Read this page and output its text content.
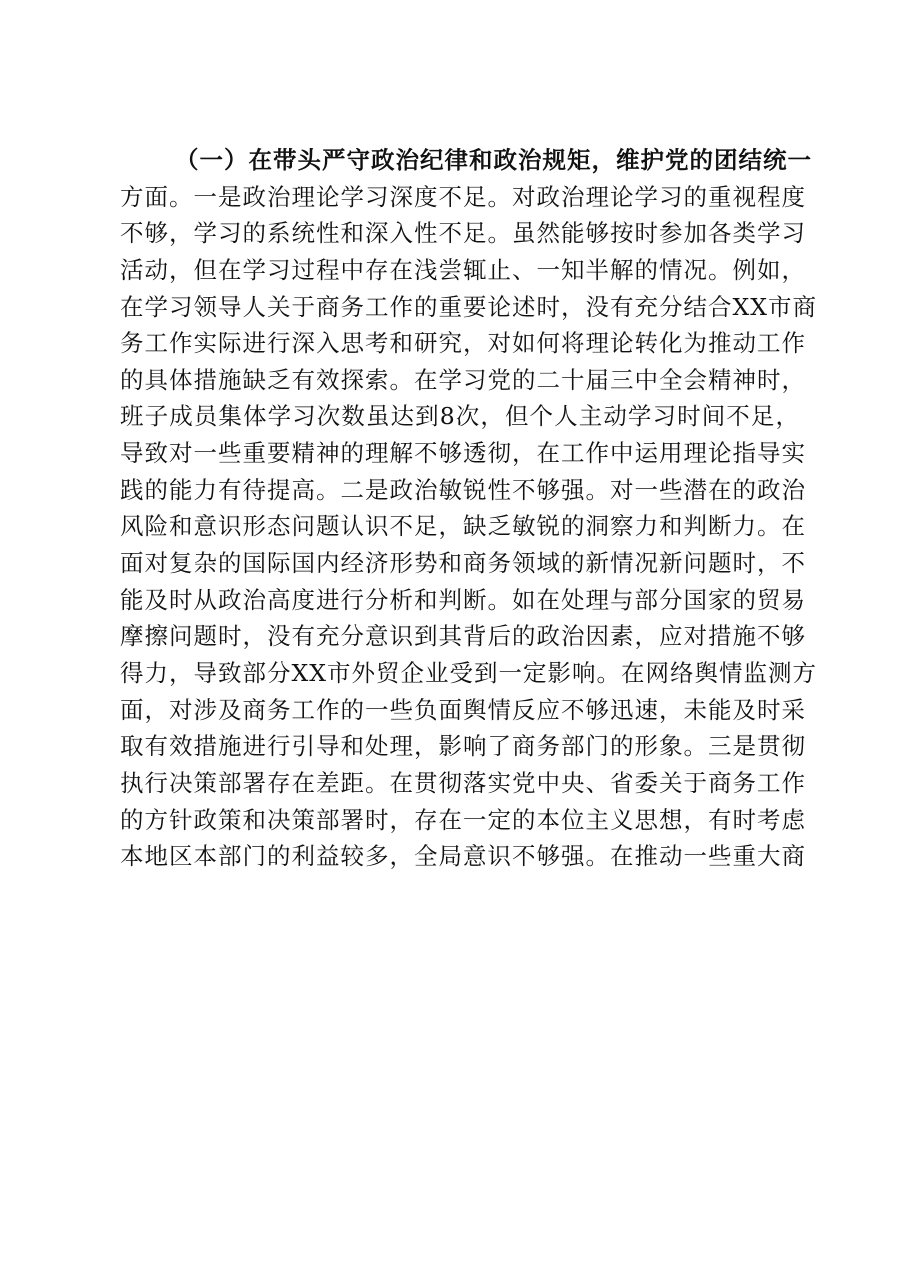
（一）在带头严守政治纪律和政治规矩，维护党的团结统一
方面。一是政治理论学习深度不足。对政治理论学习的重视程度
不够，学习的系统性和深入性不足。虽然能够按时参加各类学习
活动，但在学习过程中存在浅尝辄止、一知半解的情况。例如，
在学习领导人关于商务工作的重要论述时，没有充分结合XX市商
务工作实际进行深入思考和研究，对如何将理论转化为推动工作
的具体措施缺乏有效探索。在学习党的二十届三中全会精神时，
班子成员集体学习次数虽达到8次，但个人主动学习时间不足，
导致对一些重要精神的理解不够透彻，在工作中运用理论指导实
践的能力有待提高。二是政治敏锐性不够强。对一些潜在的政治
风险和意识形态问题认识不足，缺乏敏锐的洞察力和判断力。在
面对复杂的国际国内经济形势和商务领域的新情况新问题时，不
能及时从政治高度进行分析和判断。如在处理与部分国家的贸易
摩擦问题时，没有充分意识到其背后的政治因素，应对措施不够
得力，导致部分XX市外贸企业受到一定影响。在网络舆情监测方
面，对涉及商务工作的一些负面舆情反应不够迅速，未能及时采
取有效措施进行引导和处理，影响了商务部门的形象。三是贯彻
执行决策部署存在差距。在贯彻落实党中央、省委关于商务工作
的方针政策和决策部署时，存在一定的本位主义思想，有时考虑
本地区本部门的利益较多，全局意识不够强。在推动一些重大商
